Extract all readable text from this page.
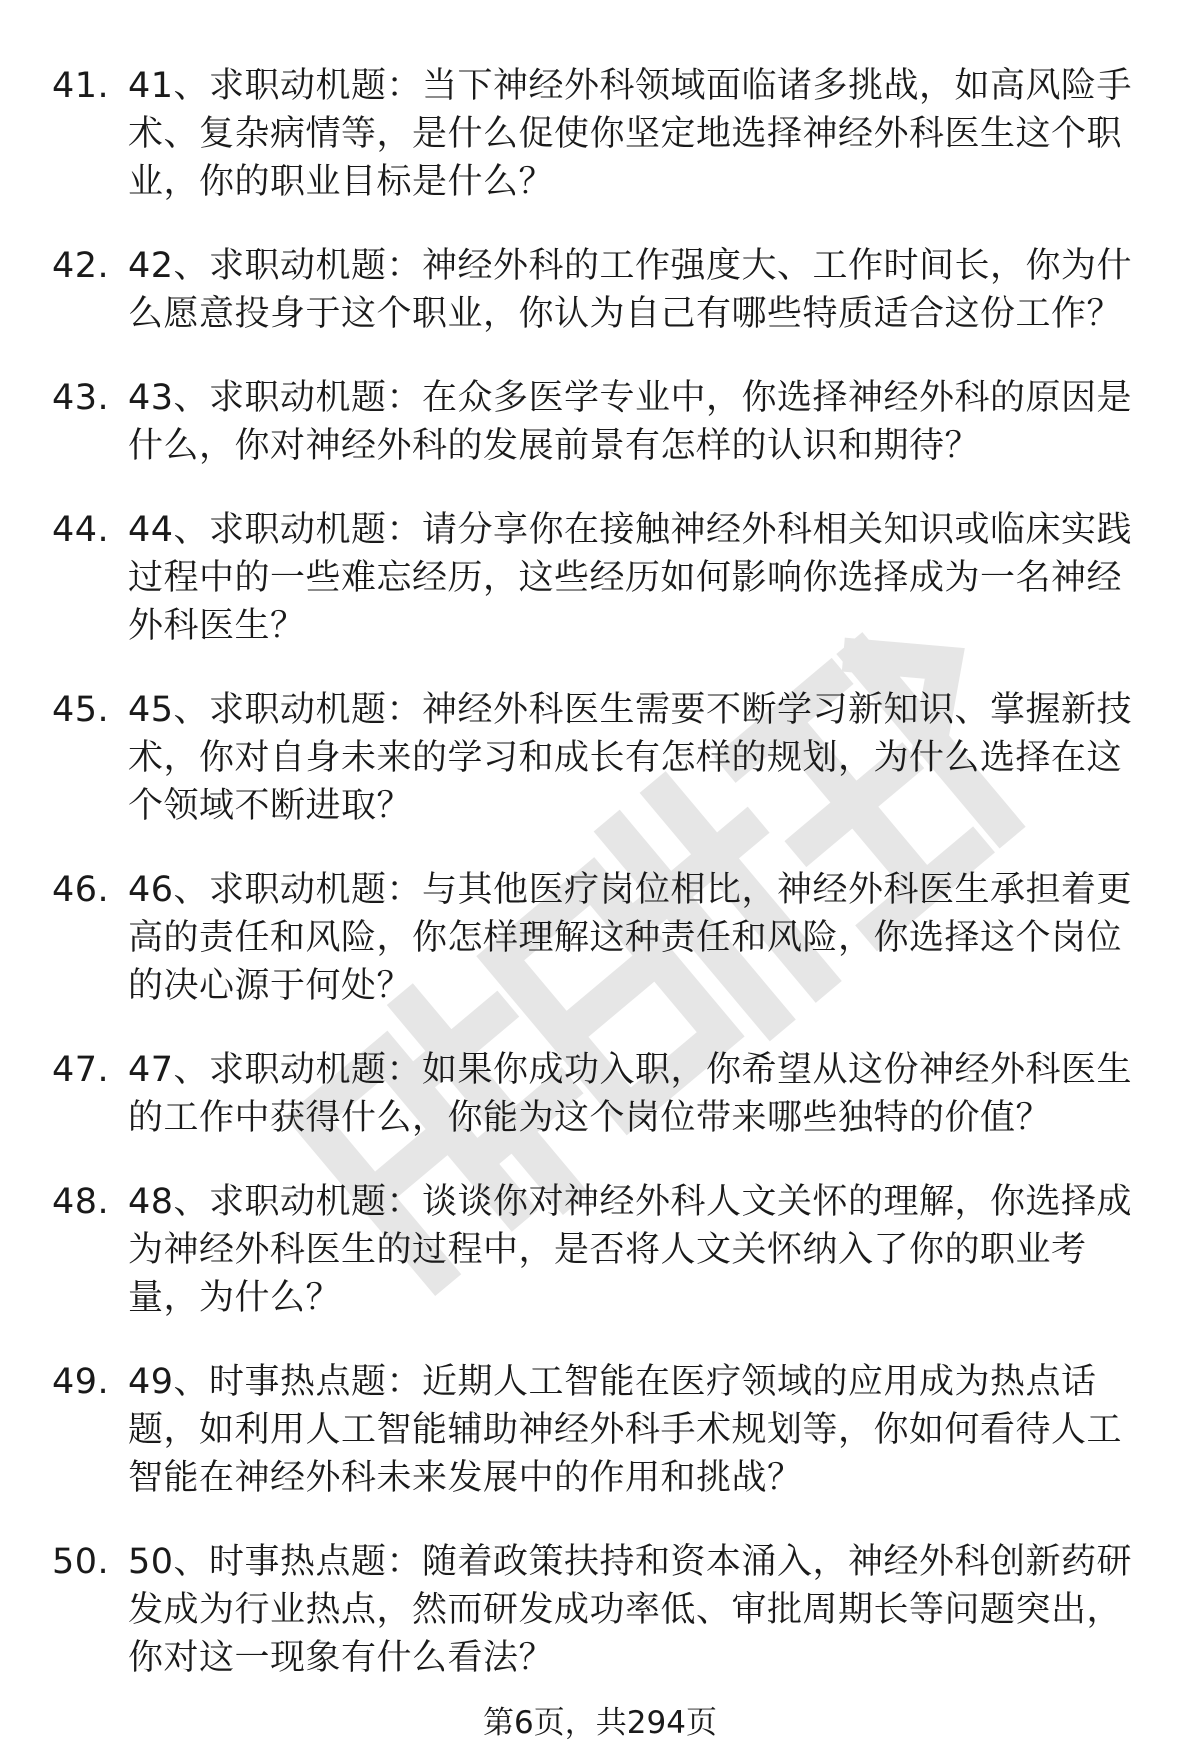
41. 41、求职动机题：当下神经外科领域面临诸多挑战，如高风险手术、复杂病情等，是什么促使你坚定地选择神经外科医生这个职业，你的职业目标是什么？
42. 42、求职动机题：神经外科的工作强度大、工作时间长，你为什么愿意投身于这个职业，你认为自己有哪些特质适合这份工作？
43. 43、求职动机题：在众多医学专业中，你选择神经外科的原因是什么，你对神经外科的发展前景有怎样的认识和期待？
44. 44、求职动机题：请分享你在接触神经外科相关知识或临床实践过程中的一些难忘经历，这些经历如何影响你选择成为一名神经外科医生？
45. 45、求职动机题：神经外科医生需要不断学习新知识、掌握新技术，你对自身未来的学习和成长有怎样的规划，为什么选择在这个领域不断进取？
46. 46、求职动机题：与其他医疗岗位相比，神经外科医生承担着更高的责任和风险，你怎样理解这种责任和风险，你选择这个岗位的决心源于何处？
47. 47、求职动机题：如果你成功入职，你希望从这份神经外科医生的工作中获得什么，你能为这个岗位带来哪些独特的价值？
48. 48、求职动机题：谈谈你对神经外科人文关怀的理解，你选择成为神经外科医生的过程中，是否将人文关怀纳入了你的职业考量，为什么？
49. 49、时事热点题：近期人工智能在医疗领域的应用成为热点话题，如利用人工智能辅助神经外科手术规划等，你如何看待人工智能在神经外科未来发展中的作用和挑战？
50. 50、时事热点题：随着政策扶持和资本涌入，神经外科创新药研发成为行业热点，然而研发成功率低、审批周期长等问题突出，你对这一现象有什么看法？
第6页，共294页
